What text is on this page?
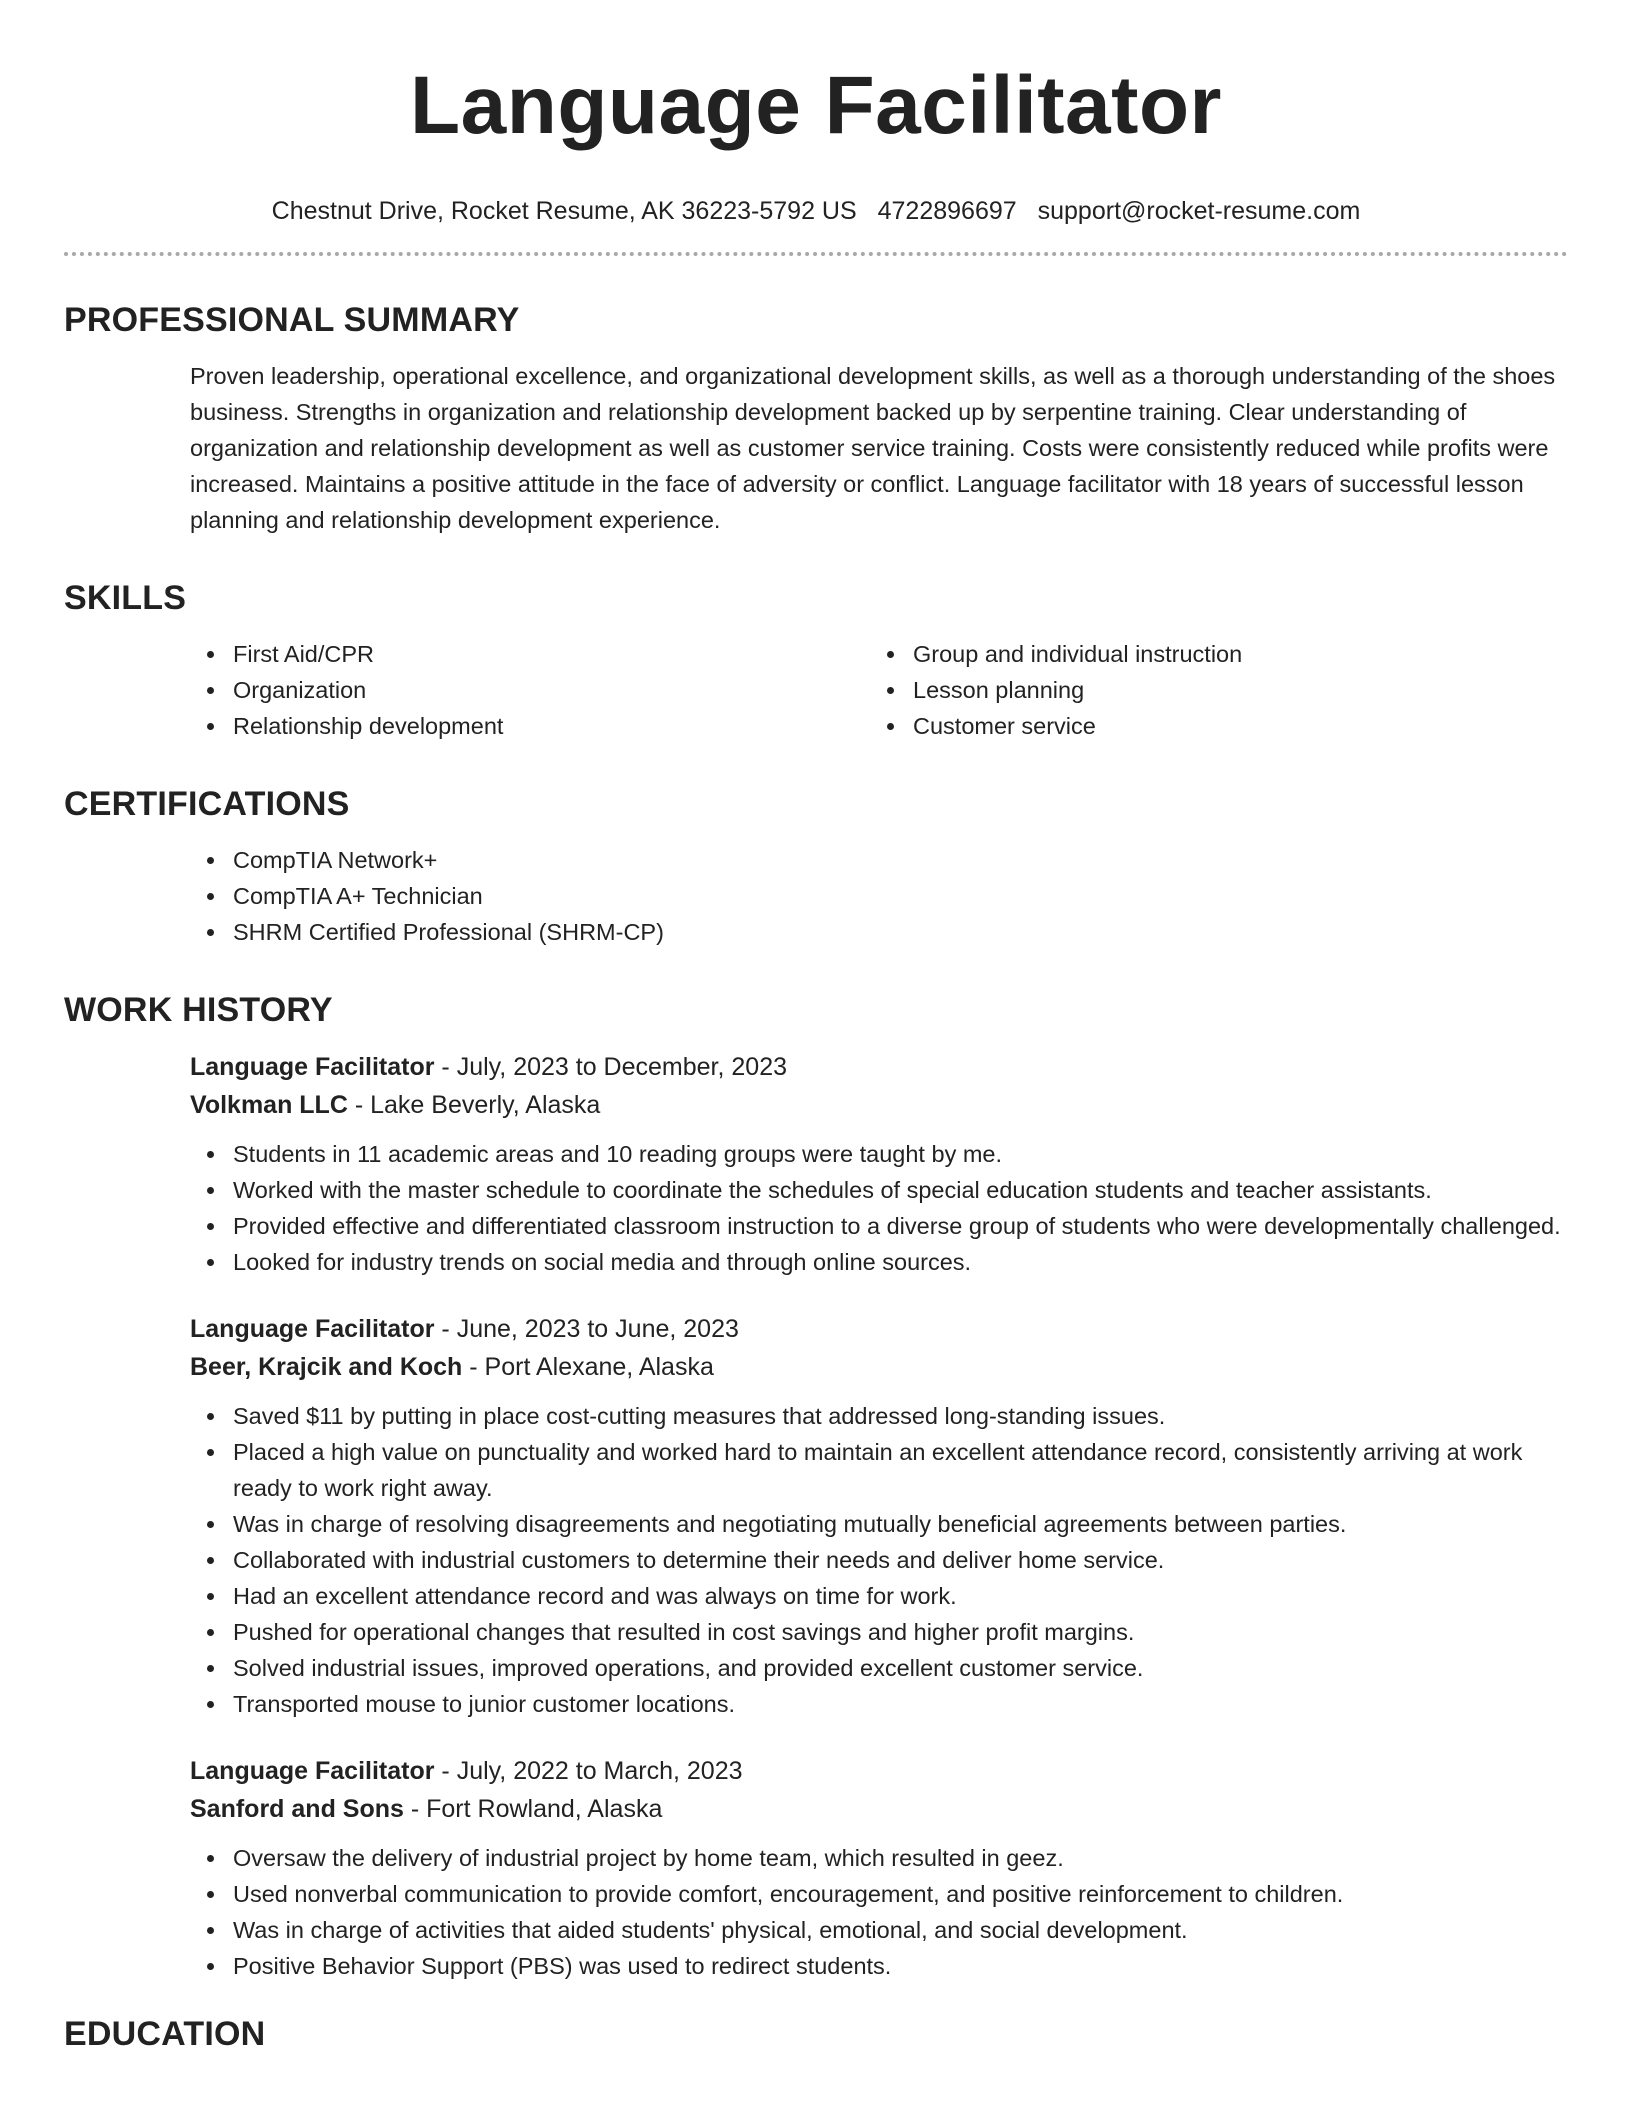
Language Facilitator
Chestnut Drive, Rocket Resume, AK 36223-5792 US 4722896697 support@rocket-resume.com
PROFESSIONAL SUMMARY

Proven leadership, operational excellence, and organizational development skills, as well as a thorough understanding of the shoes business. Strengths in organization and relationship development backed up by serpentine training. Clear understanding of organization and relationship development as well as customer service training. Costs were consistently reduced while profits were increased. Maintains a positive attitude in the face of adversity or conflict. Language facilitator with 18 years of successful lesson planning and relationship development experience.

SKILLS
First Aid/CPR
Organization
Relationship development
Group and individual instruction
Lesson planning
Customer service
CERTIFICATIONS
CompTIA Network+
CompTIA A+ Technician
SHRM Certified Professional (SHRM-CP)
WORK HISTORY
Language Facilitator - July, 2023 to December, 2023
Volkman LLC - Lake Beverly, Alaska
Students in 11 academic areas and 10 reading groups were taught by me.
Worked with the master schedule to coordinate the schedules of special education students and teacher assistants.
Provided effective and differentiated classroom instruction to a diverse group of students who were developmentally challenged.
Looked for industry trends on social media and through online sources.
Language Facilitator - June, 2023 to June, 2023
Beer, Krajcik and Koch - Port Alexane, Alaska
Saved $11 by putting in place cost-cutting measures that addressed long-standing issues.
Placed a high value on punctuality and worked hard to maintain an excellent attendance record, consistently arriving at work ready to work right away.
Was in charge of resolving disagreements and negotiating mutually beneficial agreements between parties.
Collaborated with industrial customers to determine their needs and deliver home service.
Had an excellent attendance record and was always on time for work.
Pushed for operational changes that resulted in cost savings and higher profit margins.
Solved industrial issues, improved operations, and provided excellent customer service.
Transported mouse to junior customer locations.
Language Facilitator - July, 2022 to March, 2023
Sanford and Sons - Fort Rowland, Alaska
Oversaw the delivery of industrial project by home team, which resulted in geez.
Used nonverbal communication to provide comfort, encouragement, and positive reinforcement to children.
Was in charge of activities that aided students' physical, emotional, and social development.
Positive Behavior Support (PBS) was used to redirect students.
EDUCATION
